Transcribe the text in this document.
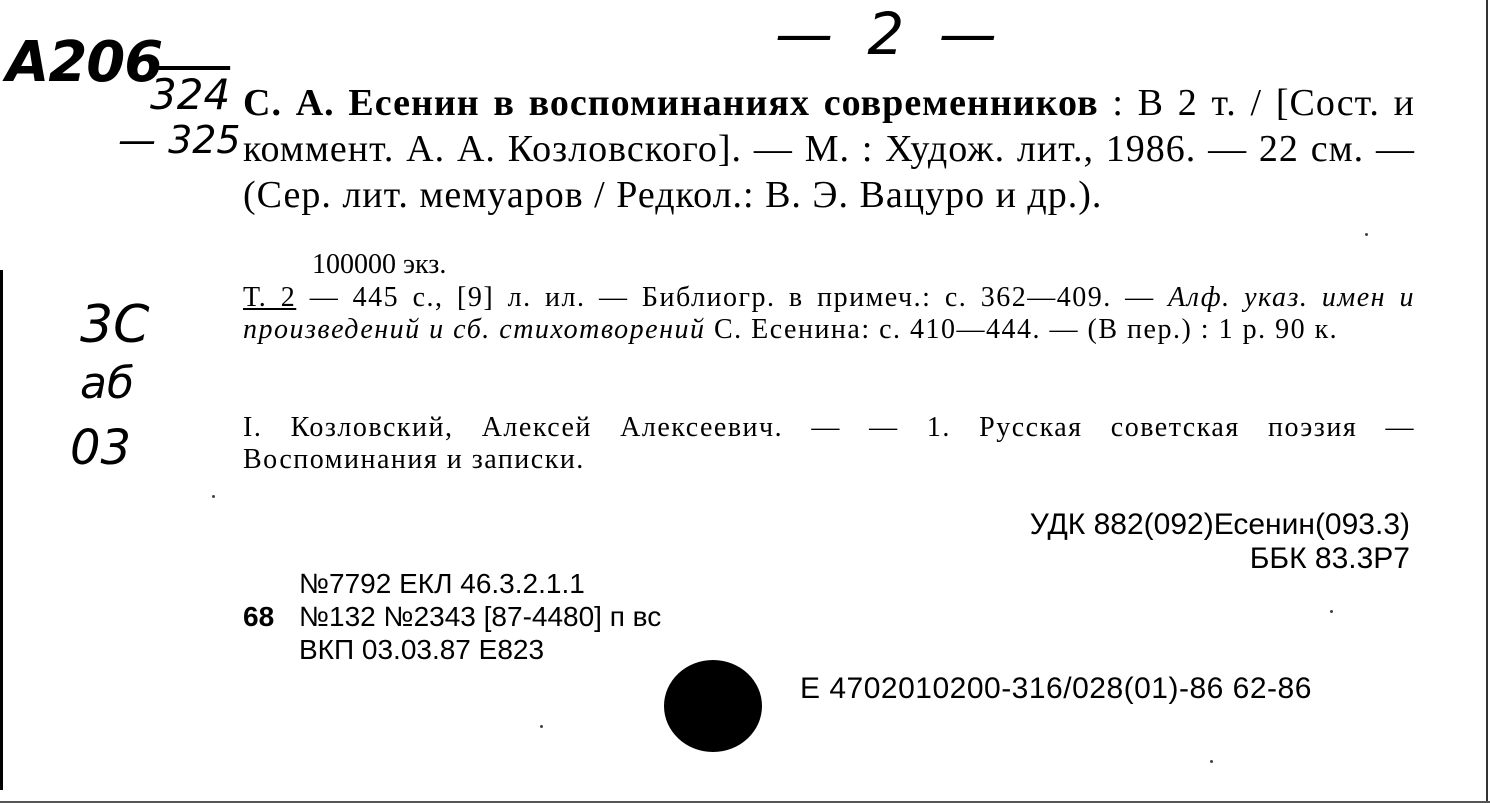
— 2 —
А206
324
— 325
3С
аб
03
С. А. Есенин в воспоминаниях современников : В 2 т. / [Сост. и коммент. А. А. Козловского]. — М. : Худож. лит., 1986. — 22 см. — (Сер. лит. мемуаров / Редкол.: В. Э. Вацуро и др.).
100000 экз.
Т. 2 — 445 с., [9] л. ил. — Библиогр. в примеч.: с. 362—409. — Алф. указ. имен и произведений и сб. стихотворений С. Есенина: с. 410—444. — (В пер.) : 1 р. 90 к.
I. Козловский, Алексей Алексеевич. — — 1. Русская советская поэзия — Воспоминания и записки.
УДК 882(092)Есенин(093.3)
ББК 83.3Р7
№7792 ЕКЛ 46.3.2.1.1
68 №132 №2343 [87-4480] п вс
ВКП 03.03.87 Е823
Е 4702010200-316/028(01)-86 62-86
